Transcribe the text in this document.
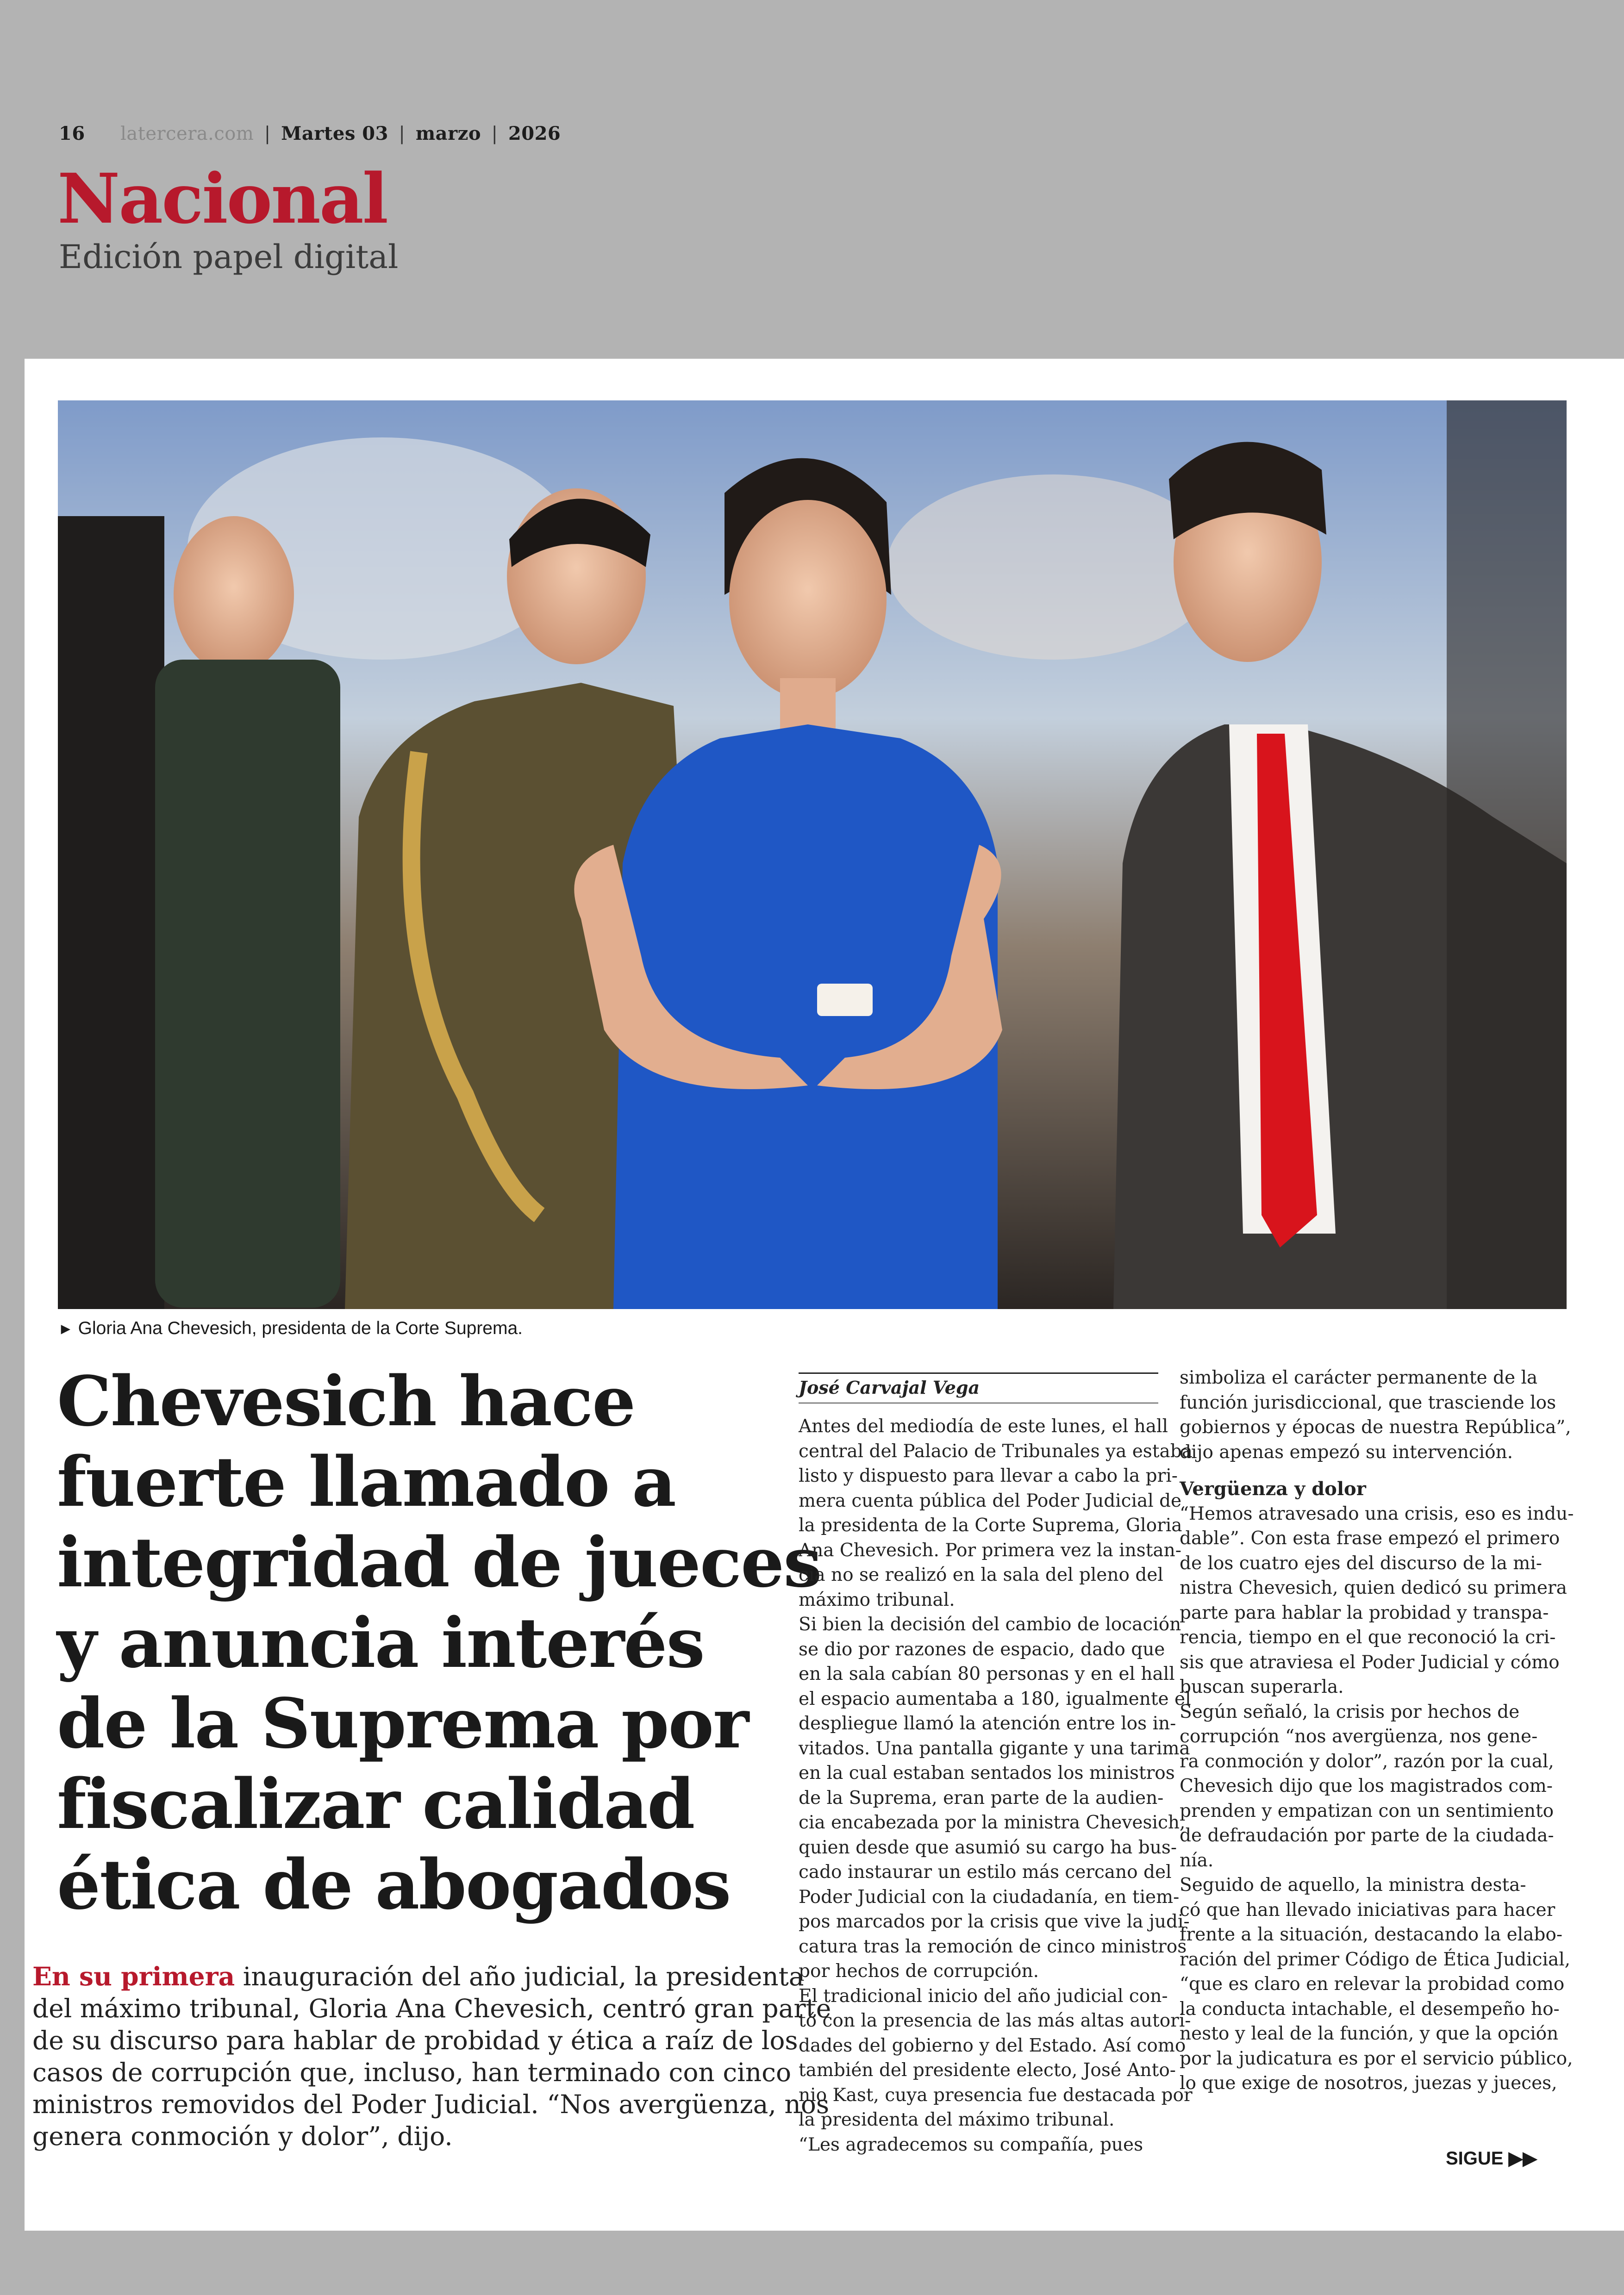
16 latercera.com | Martes 03 | marzo | 2026
Nacional
Edición papel digital
► Gloria Ana Chevesich, presidenta de la Corte Suprema.
Chevesich hace
fuerte llamado a
integridad de jueces
y anuncia interés
de la Suprema por
fiscalizar calidad
ética de abogados

En su primera inauguración del año judicial, la presidenta
del máximo tribunal, Gloria Ana Chevesich, centró gran parte
de su discurso para hablar de probidad y ética a raíz de los
casos de corrupción que, incluso, han terminado con cinco
ministros removidos del Poder Judicial. “Nos avergüenza, nos
genera conmoción y dolor”, dijo.

José Carvajal Vega
Antes del mediodía de este lunes, el hall
central del Palacio de Tribunales ya estaba
listo y dispuesto para llevar a cabo la pri-
mera cuenta pública del Poder Judicial de
la presidenta de la Corte Suprema, Gloria
Ana Chevesich. Por primera vez la instan-
cia no se realizó en la sala del pleno del
máximo tribunal.
Si bien la decisión del cambio de locación
se dio por razones de espacio, dado que
en la sala cabían 80 personas y en el hall
el espacio aumentaba a 180, igualmente el
despliegue llamó la atención entre los in-
vitados. Una pantalla gigante y una tarima
en la cual estaban sentados los ministros
de la Suprema, eran parte de la audien-
cia encabezada por la ministra Chevesich,
quien desde que asumió su cargo ha bus-
cado instaurar un estilo más cercano del
Poder Judicial con la ciudadanía, en tiem-
pos marcados por la crisis que vive la judi-
catura tras la remoción de cinco ministros
por hechos de corrupción.
El tradicional inicio del año judicial con-
tó con la presencia de las más altas autori-
dades del gobierno y del Estado. Así como
también del presidente electo, José Anto-
nio Kast, cuya presencia fue destacada por
la presidenta del máximo tribunal.
“Les agradecemos su compañía, pues
simboliza el carácter permanente de la
función jurisdiccional, que trasciende los
gobiernos y épocas de nuestra República”,
dijo apenas empezó su intervención.
Vergüenza y dolor
“Hemos atravesado una crisis, eso es indu-
dable”. Con esta frase empezó el primero
de los cuatro ejes del discurso de la mi-
nistra Chevesich, quien dedicó su primera
parte para hablar la probidad y transpa-
rencia, tiempo en el que reconoció la cri-
sis que atraviesa el Poder Judicial y cómo
buscan superarla.
Según señaló, la crisis por hechos de
corrupción “nos avergüenza, nos gene-
ra conmoción y dolor”, razón por la cual,
Chevesich dijo que los magistrados com-
prenden y empatizan con un sentimiento
de defraudación por parte de la ciudada-
nía.
Seguido de aquello, la ministra desta-
có que han llevado iniciativas para hacer
frente a la situación, destacando la elabo-
ración del primer Código de Ética Judicial,
“que es claro en relevar la probidad como
la conducta intachable, el desempeño ho-
nesto y leal de la función, y que la opción
por la judicatura es por el servicio público,
lo que exige de nosotros, juezas y jueces,
SIGUE ▶▶
